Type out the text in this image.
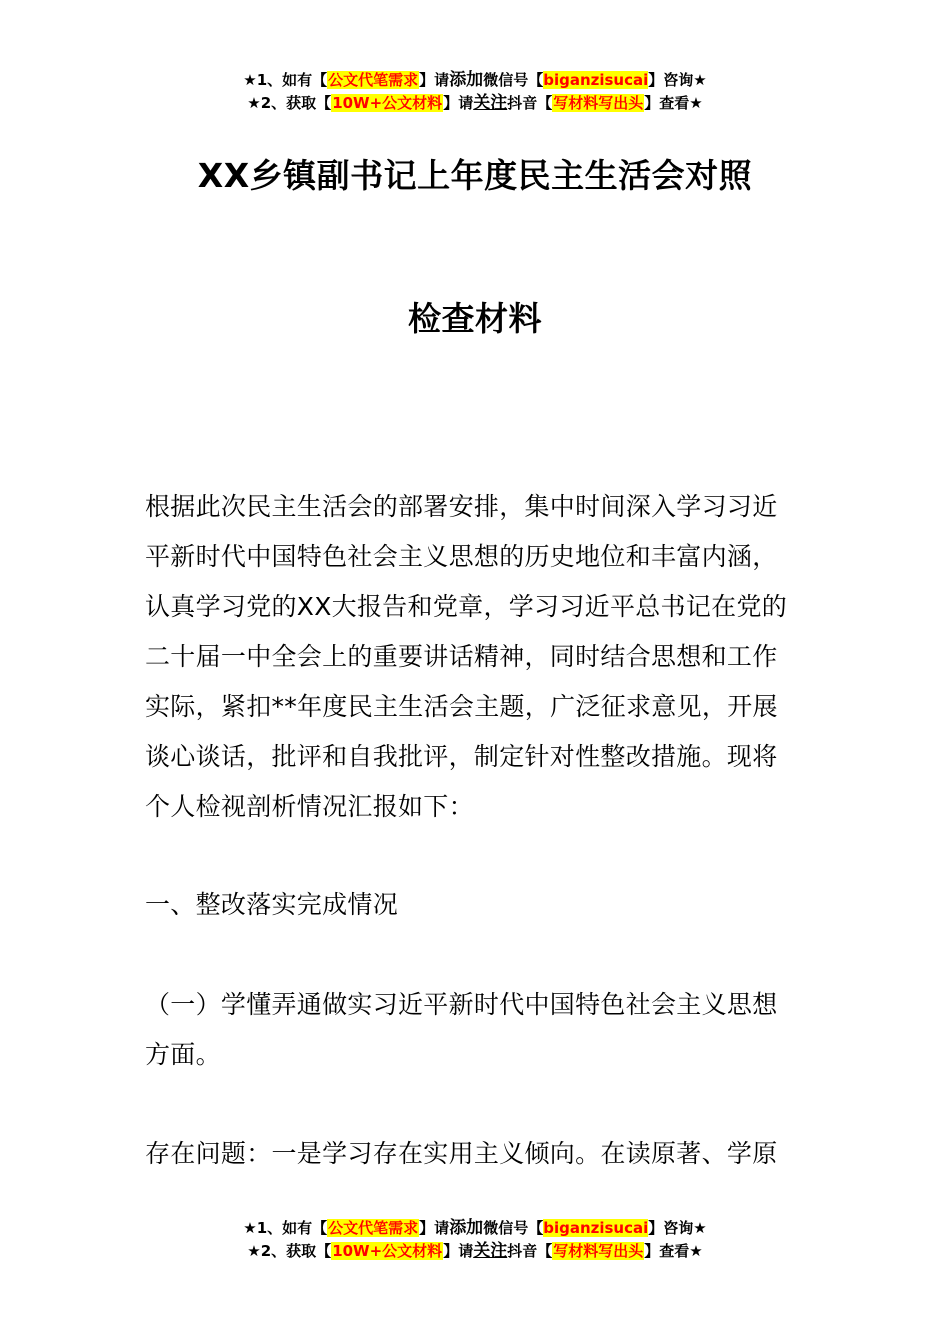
★1、如有【公文代笔需求】请添加微信号【biganzisucai】咨询★
★2、获取【10W+公文材料】请关注抖音【写材料写出头】查看★
XX乡镇副书记上年度民主生活会对照
检查材料
根据此次民主生活会的部署安排，集中时间深入学习习近
平新时代中国特色社会主义思想的历史地位和丰富内涵，
认真学习党的XX大报告和党章，学习习近平总书记在党的
二十届一中全会上的重要讲话精神，同时结合思想和工作
实际，紧扣**年度民主生活会主题，广泛征求意见，开展
谈心谈话，批评和自我批评，制定针对性整改措施。现将
个人检视剖析情况汇报如下：
一、整改落实完成情况
（一）学懂弄通做实习近平新时代中国特色社会主义思想
方面。
存在问题：一是学习存在实用主义倾向。在读原著、学原
★1、如有【公文代笔需求】请添加微信号【biganzisucai】咨询★
★2、获取【10W+公文材料】请关注抖音【写材料写出头】查看★
